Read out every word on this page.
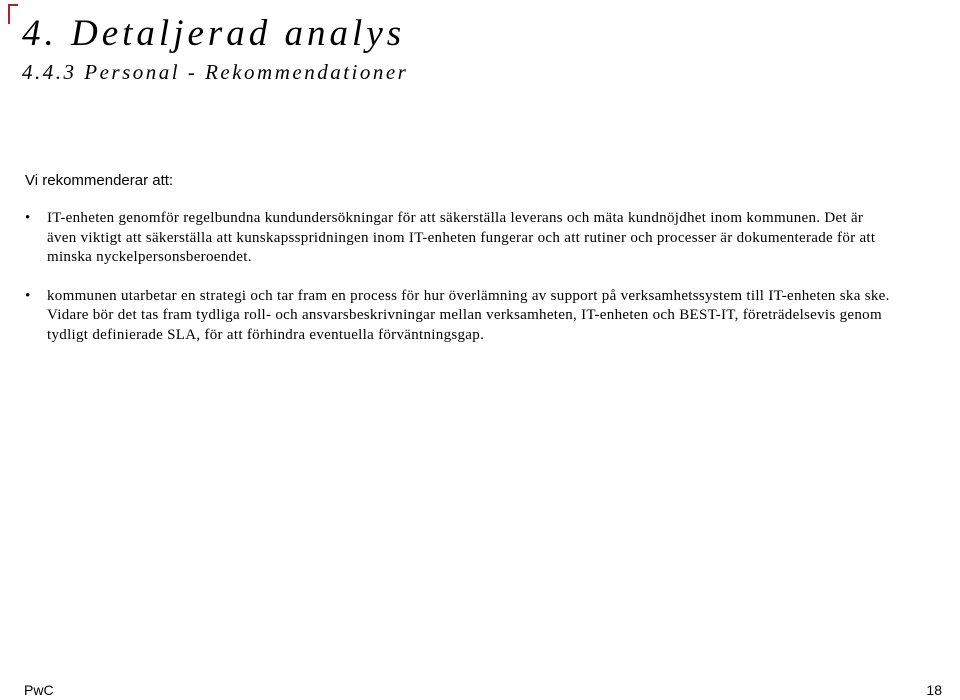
4. Detaljerad analys
4.4.3 Personal - Rekommendationer

Vi rekommenderar att:

• IT-enheten genomför regelbundna kundundersökningar för att säkerställa leverans och mäta kundnöjdhet inom kommunen. Det är även viktigt att säkerställa att kunskapsspridningen inom IT-enheten fungerar och att rutiner och processer är dokumenterade för att minska nyckelpersonsberoendet.
• kommunen utarbetar en strategi och tar fram en process för hur överlämning av support på verksamhetssystem till IT-enheten ska ske. Vidare bör det tas fram tydliga roll- och ansvarsbeskrivningar mellan verksamheten, IT-enheten och BEST-IT, företrädelsevis genom tydligt definierade SLA, för att förhindra eventuella förväntningsgap.
PwC	18
